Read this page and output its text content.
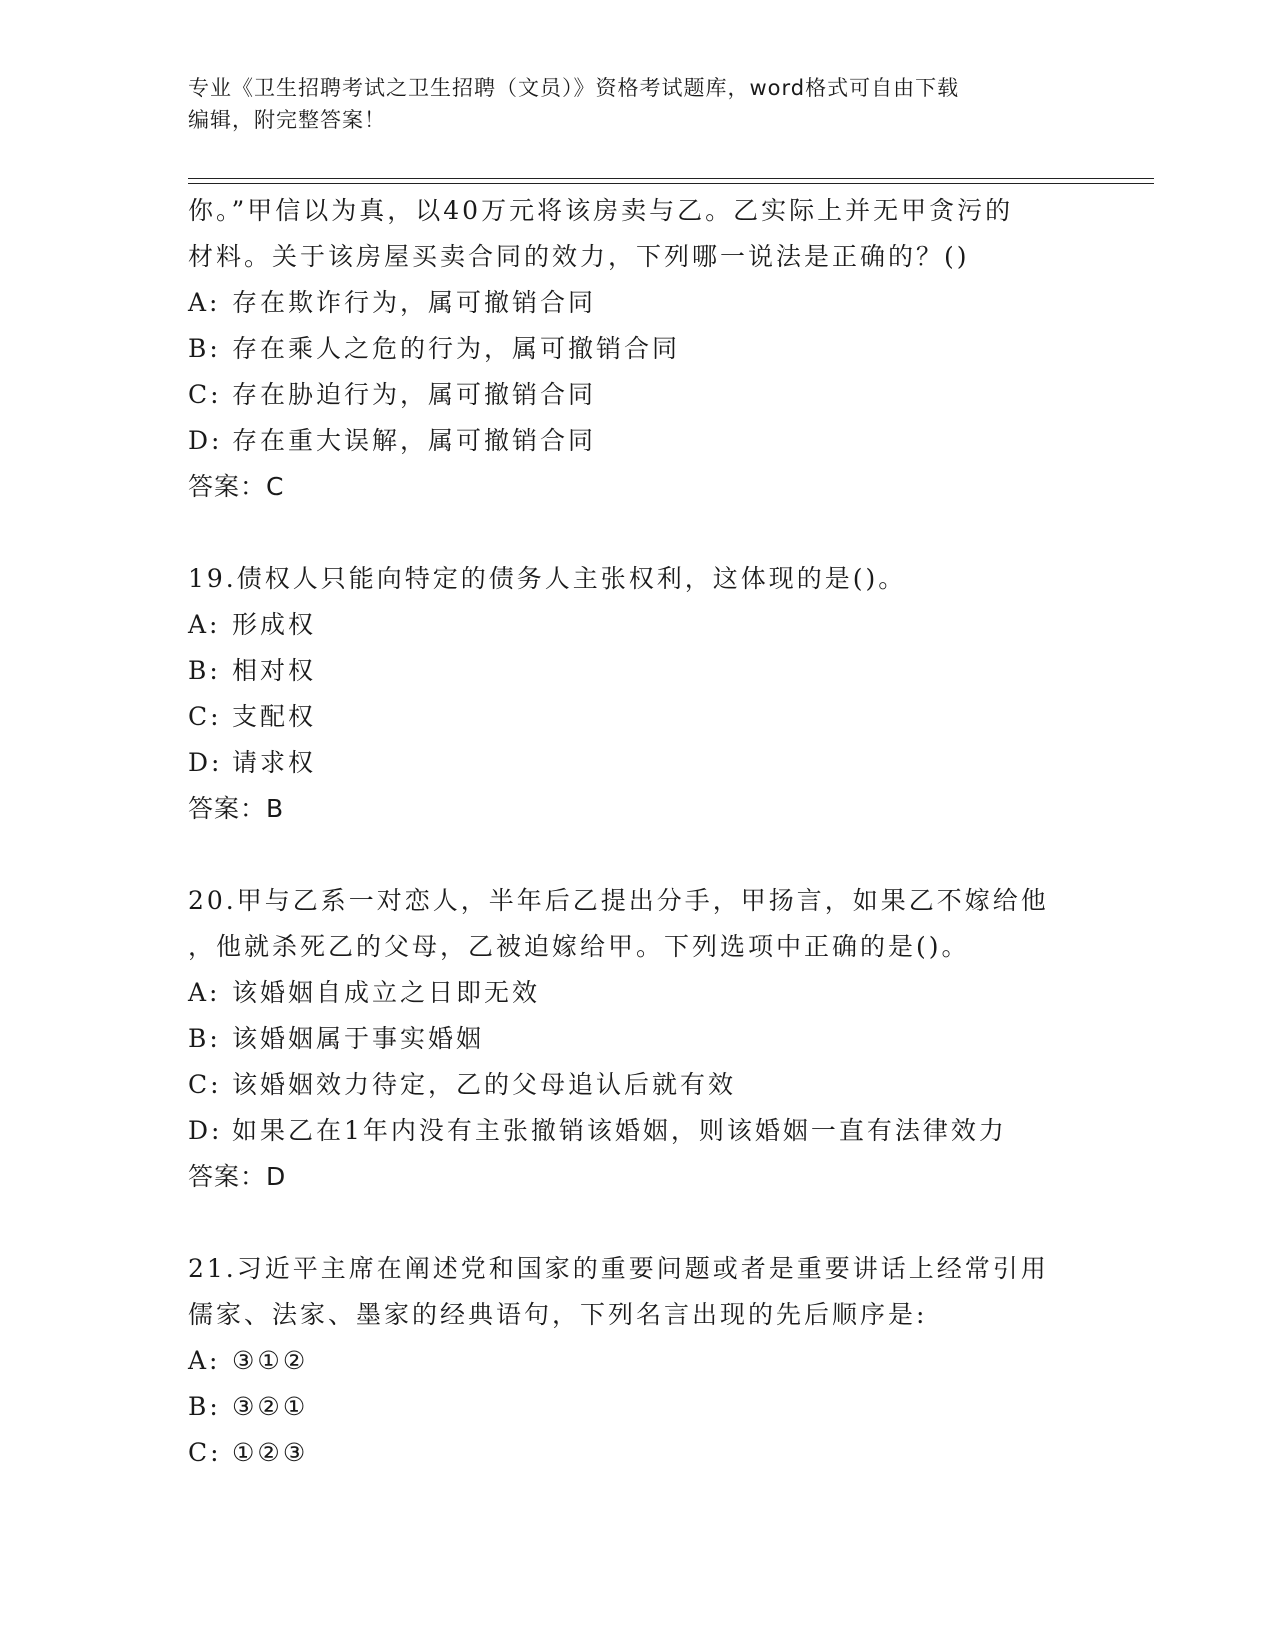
专业《卫生招聘考试之卫生招聘（文员）》资格考试题库，word格式可自由下载
编辑，附完整答案！
你。”甲信以为真，以40万元将该房卖与乙。乙实际上并无甲贪污的
材料。关于该房屋买卖合同的效力，下列哪一说法是正确的？()
A: 存在欺诈行为，属可撤销合同
B: 存在乘人之危的行为，属可撤销合同
C: 存在胁迫行为，属可撤销合同
D: 存在重大误解，属可撤销合同
答案：C
19.债权人只能向特定的债务人主张权利，这体现的是()。
A: 形成权
B: 相对权
C: 支配权
D: 请求权
答案：B
20.甲与乙系一对恋人，半年后乙提出分手，甲扬言，如果乙不嫁给他
，他就杀死乙的父母，乙被迫嫁给甲。下列选项中正确的是()。
A: 该婚姻自成立之日即无效
B: 该婚姻属于事实婚姻
C: 该婚姻效力待定，乙的父母追认后就有效
D: 如果乙在1年内没有主张撤销该婚姻，则该婚姻一直有法律效力
答案：D
21.习近平主席在阐述党和国家的重要问题或者是重要讲话上经常引用
儒家、法家、墨家的经典语句，下列名言出现的先后顺序是:
A: ③①②
B: ③②①
C: ①②③
